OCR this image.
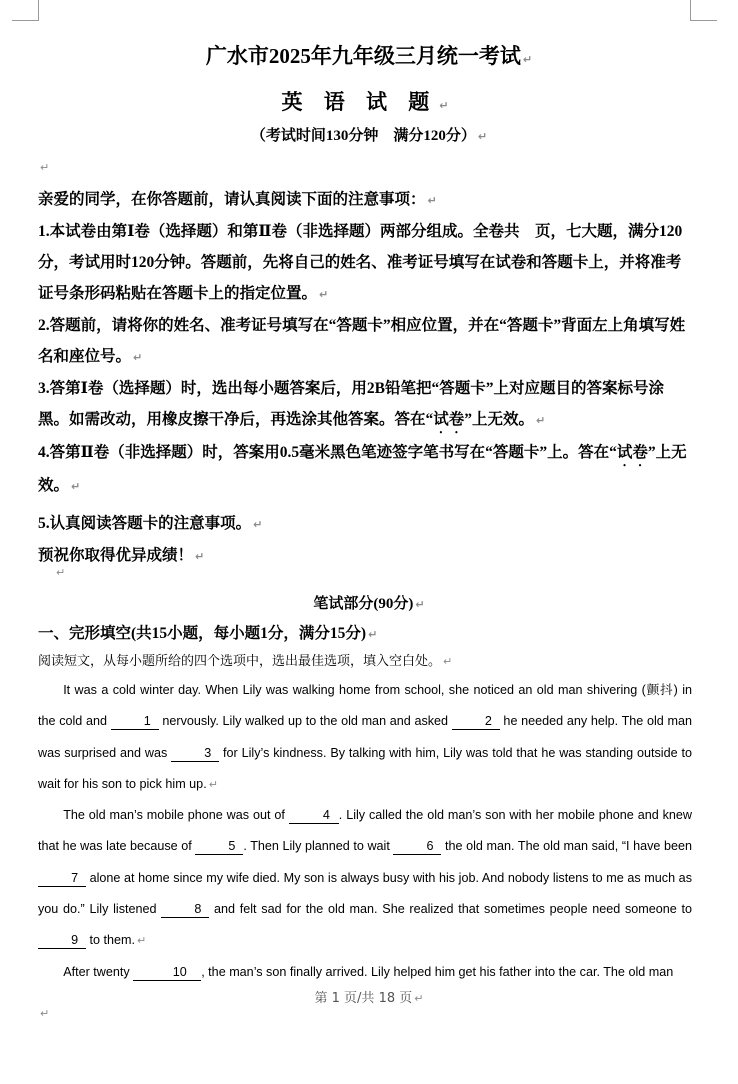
广水市2025年九年级三月统一考试 ↵
英 语 试 题 ↵
（考试时间130分钟　满分120分） ↵
↵
亲爱的同学，在你答题前，请认真阅读下面的注意事项： ↵
1.本试卷由第Ⅰ卷（选择题）和第Ⅱ卷（非选择题）两部分组成。全卷共　页，七大题，满分120分，考试用时120分钟。答题前，先将自己的姓名、准考证号填写在试卷和答题卡上，并将准考证号条形码粘贴在答题卡上的指定位置。 ↵
2.答题前，请将你的姓名、准考证号填写在“答题卡”相应位置，并在“答题卡”背面左上角填写姓名和座位号。 ↵
3.答第Ⅰ卷（选择题）时，选出每小题答案后，用2B铅笔把“答题卡”上对应题目的答案标号涂黑。如需改动，用橡皮擦干净后，再选涂其他答案。答在“试卷”上无效。 ↵
4.答第Ⅱ卷（非选择题）时，答案用0.5毫米黑色笔迹签字笔书写在“答题卡”上。答在“试卷”上无效。 ↵
5.认真阅读答题卡的注意事项。 ↵
预祝你取得优异成绩！ ↵
↵
笔试部分(90分) ↵
一、完形填空(共15小题，每小题1分，满分15分) ↵
阅读短文，从每小题所给的四个选项中，选出最佳选项，填入空白处。 ↵

It was a cold winter day. When Lily was walking home from school, she noticed an old man shivering (颤抖) in the cold and	1 nervously. Lily walked up to the old man and asked	2 he needed any help. The old man was surprised and was	3 for Lily’s kindness. By talking with him, Lily was told that he was standing outside to wait for his son to pick him up. ↵

The old man’s mobile phone was out of	4 . Lily called the old man’s son with her mobile phone and knew that he was late because of	5 . Then Lily planned to wait	6 the old man. The old man said, “I have been 7 alone at home since my wife died. My son is always busy with his job. And nobody listens to me as much as you do.” Lily listened	8 and felt sad for the old man. She realized that sometimes people need someone to 9 to them. ↵

After twenty	10 , the man’s son finally arrived. Lily helped him get his father into the car. The old man

第 1 页/共 18 页 ↵
↵
